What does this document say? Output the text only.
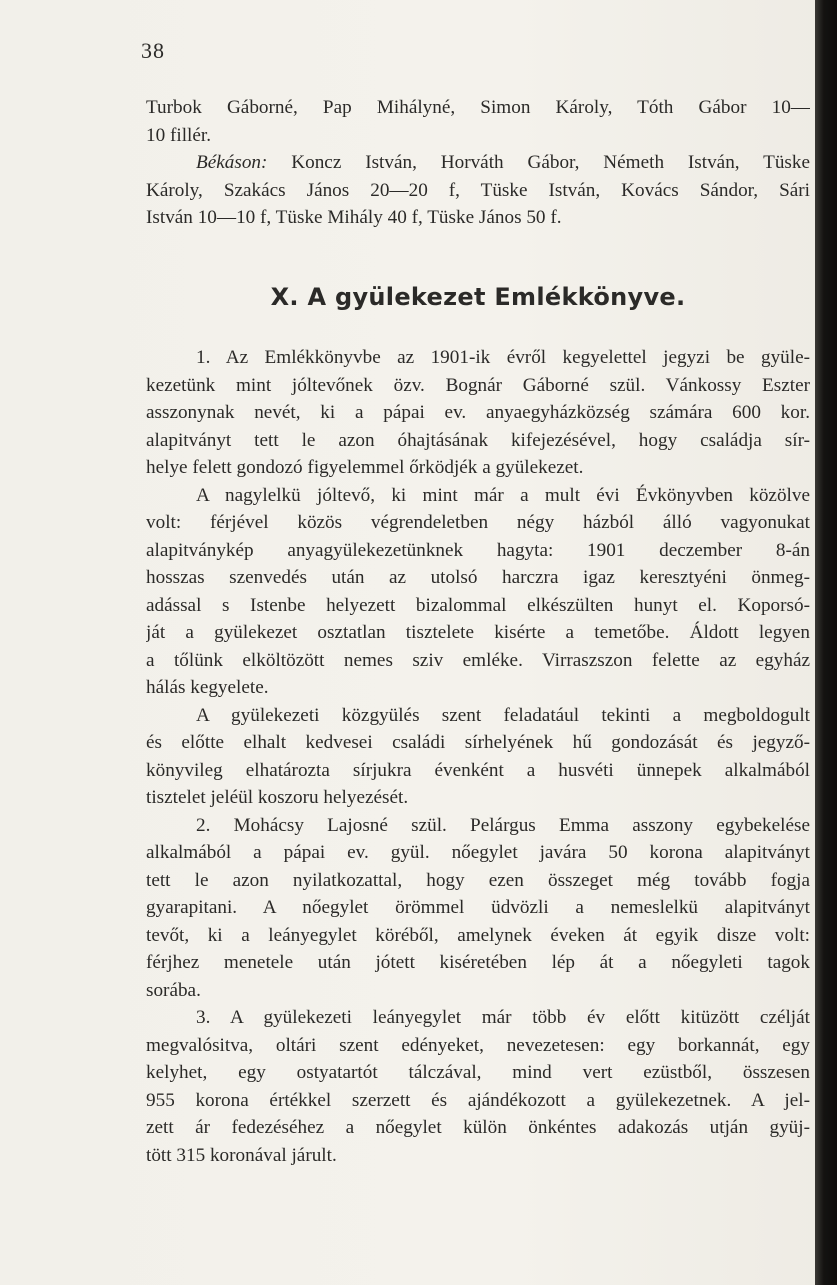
38
Turbok Gáborné, Pap Mihályné, Simon Károly, Tóth Gábor 10—
10 fillér.
Békáson: Koncz István, Horváth Gábor, Németh István, Tüske
Károly, Szakács János 20—20 f, Tüske István, Kovács Sándor, Sári
István 10—10 f, Tüske Mihály 40 f, Tüske János 50 f.
X. A gyülekezet Emlékkönyve.
1. Az Emlékkönyvbe az 1901-ik évről kegyelettel jegyzi be gyüle-
kezetünk mint jóltevőnek özv. Bognár Gáborné szül. Vánkossy Eszter
asszonynak nevét, ki a pápai ev. anyaegyházközség számára 600 kor.
alapitványt tett le azon óhajtásának kifejezésével, hogy családja sír-
helye felett gondozó figyelemmel őrködjék a gyülekezet.
A nagylelkü jóltevő, ki mint már a mult évi Évkönyvben közölve
volt: férjével közös végrendeletben négy házból álló vagyonukat
alapitványkép anyagyülekezetünknek hagyta: 1901 deczember 8-án
hosszas szenvedés után az utolsó harczra igaz keresztyéni önmeg-
adással s Istenbe helyezett bizalommal elkészülten hunyt el. Koporsó-
ját a gyülekezet osztatlan tisztelete kisérte a temetőbe. Áldott legyen
a tőlünk elköltözött nemes sziv emléke. Virraszszon felette az egyház
hálás kegyelete.
A gyülekezeti közgyülés szent feladatául tekinti a megboldogult
és előtte elhalt kedvesei családi sírhelyének hű gondozását és jegyző-
könyvileg elhatározta sírjukra évenként a husvéti ünnepek alkalmából
tisztelet jeléül koszoru helyezését.
2. Mohácsy Lajosné szül. Pelárgus Emma asszony egybekelése
alkalmából a pápai ev. gyül. nőegylet javára 50 korona alapitványt
tett le azon nyilatkozattal, hogy ezen összeget még tovább fogja
gyarapitani. A nőegylet örömmel üdvözli a nemeslelkü alapitványt
tevőt, ki a leányegylet köréből, amelynek éveken át egyik disze volt:
férjhez menetele után jótett kiséretében lép át a nőegyleti tagok
sorába.
3. A gyülekezeti leányegylet már több év előtt kitüzött czélját
megvalósitva, oltári szent edényeket, nevezetesen: egy borkannát, egy
kelyhet, egy ostyatartót tálczával, mind vert ezüstből, összesen
955 korona értékkel szerzett és ajándékozott a gyülekezetnek. A jel-
zett ár fedezéséhez a nőegylet külön önkéntes adakozás utján gyüj-
tött 315 koronával járult.
